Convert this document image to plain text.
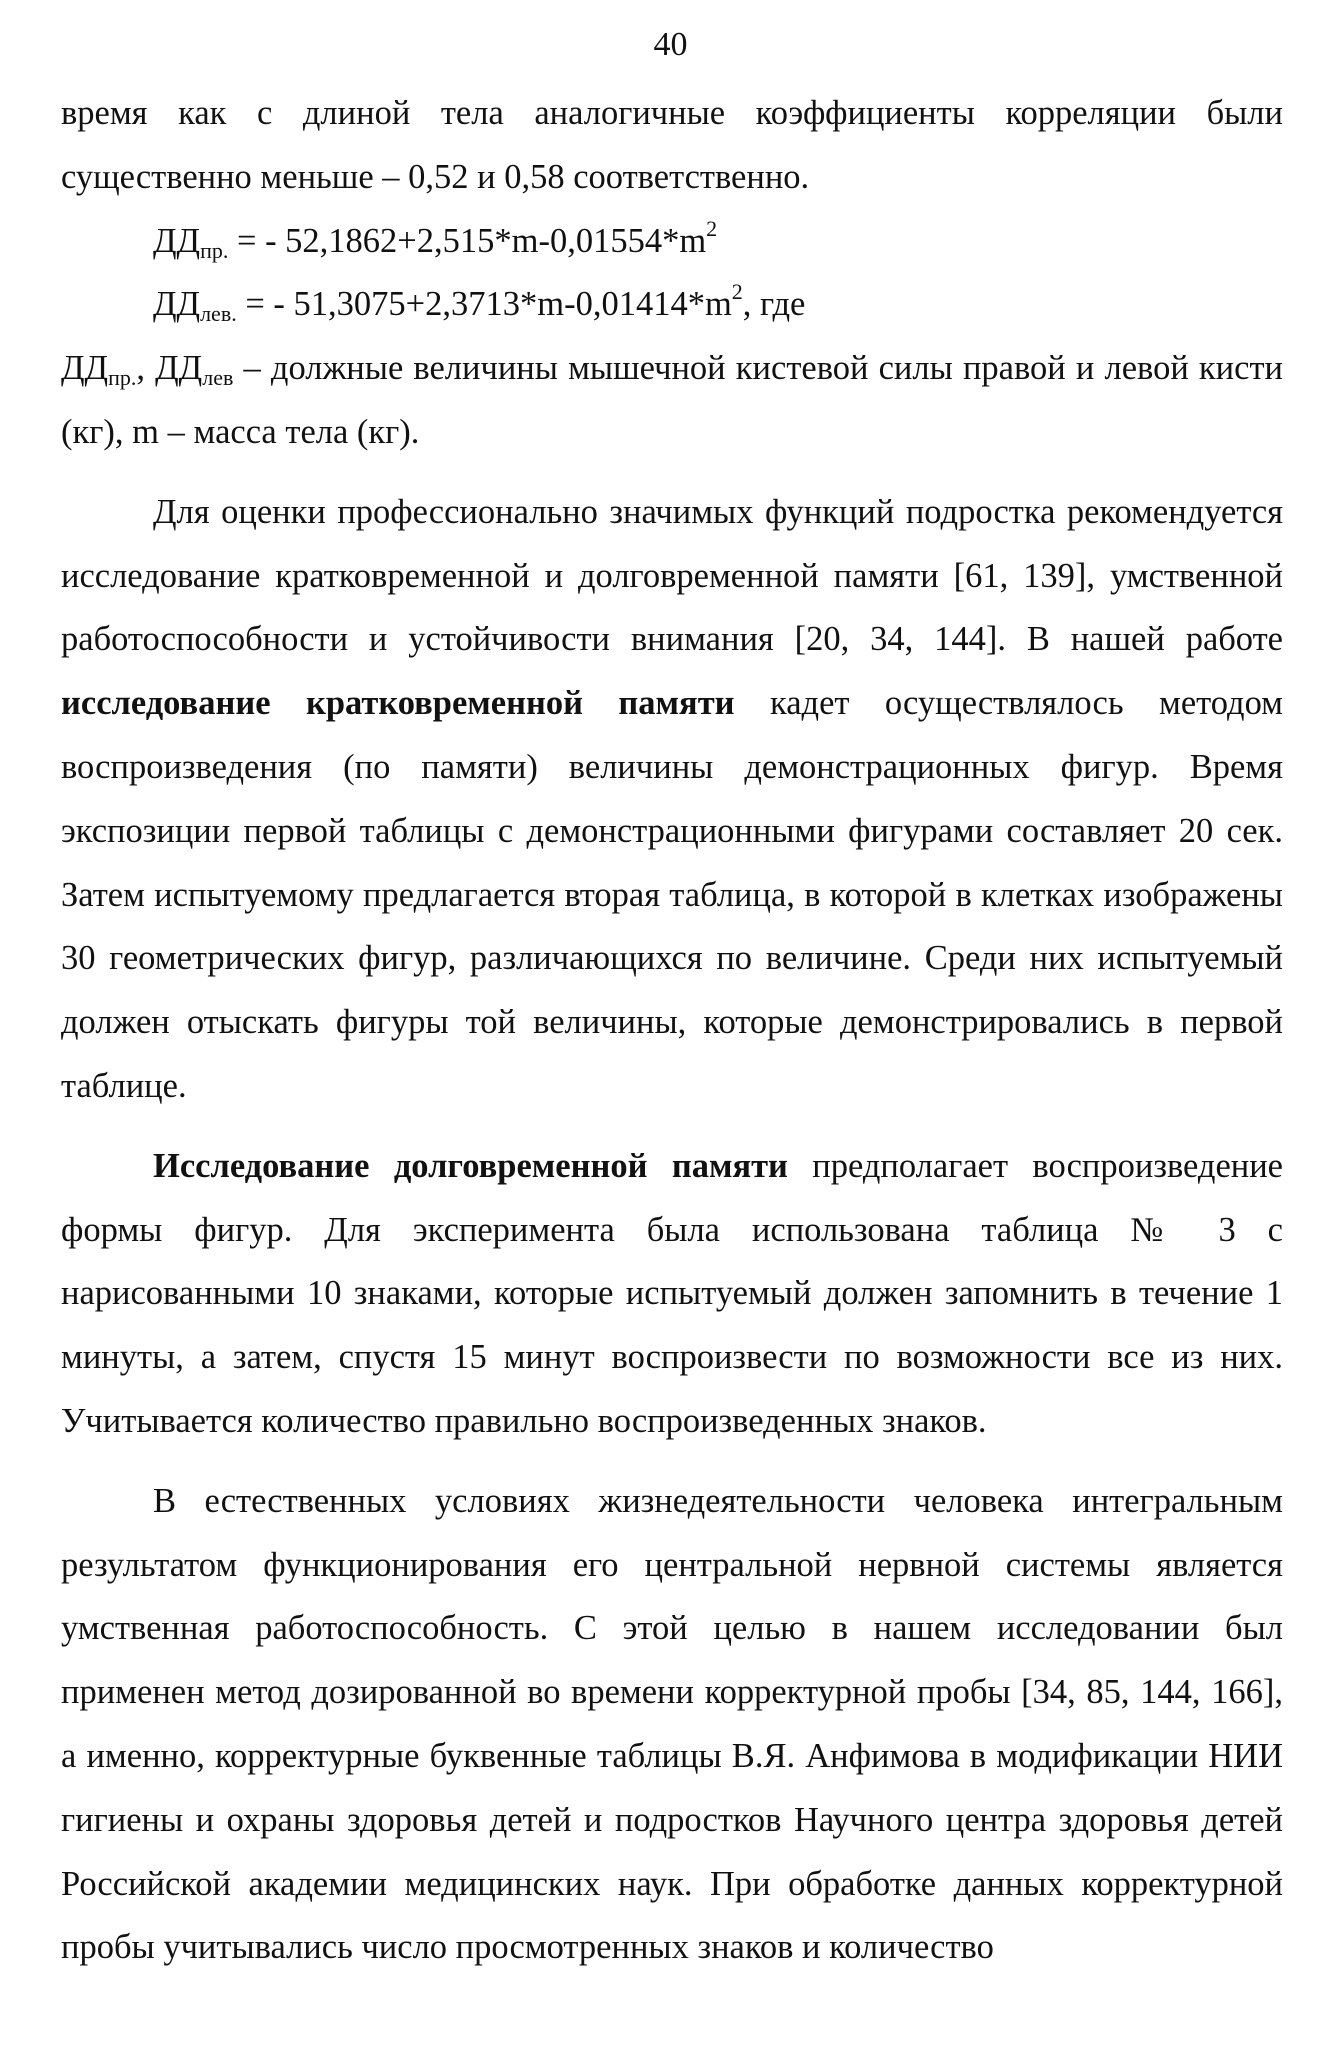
40

время как с длиной тела аналогичные коэффициенты корреляции были существенно меньше – 0,52 и 0,58 соответственно.

$ДД_{пр.}$ = - $52,1862+2,515*m-0,01554*m^2$

$ДД_{лев.}$ = - $51,3075+2,3713*m-0,01414*m^2$, где

$ДД_{пр.}$, $ДД_{лев}$ – должные величины мышечной кистевой силы правой и левой кисти (кг), m – масса тела (кг).

Для оценки профессионально значимых функций подростка рекомендуется исследование кратковременной и долговременной памяти [61, 139], умственной работоспособности и устойчивости внимания [20, 34, 144]. В нашей работе исследование кратковременной памяти кадет осуществлялось методом воспроизведения (по памяти) величины демонстрационных фигур. Время экспозиции первой таблицы с демонстрационными фигурами составляет 20 сек. Затем испытуемому предлагается вторая таблица, в которой в клетках изображены 30 геометрических фигур, различающихся по величине. Среди них испытуемый должен отыскать фигуры той величины, которые демонстрировались в первой таблице.

Исследование долговременной памяти предполагает воспроизведение формы фигур. Для эксперимента была использована таблица № 3 с нарисованными 10 знаками, которые испытуемый должен запомнить в течение 1 минуты, а затем, спустя 15 минут воспроизвести по возможности все из них. Учитывается количество правильно воспроизведенных знаков.

В естественных условиях жизнедеятельности человека интегральным результатом функционирования его центральной нервной системы является умственная работоспособность. С этой целью в нашем исследовании был применен метод дозированной во времени корректурной пробы [34, 85, 144, 166], а именно, корректурные буквенные таблицы В.Я. Анфимова в модификации НИИ гигиены и охраны здоровья детей и подростков Научного центра здоровья детей Российской академии медицинских наук. При обработке данных корректурной пробы учитывались число просмотренных знаков и количество
